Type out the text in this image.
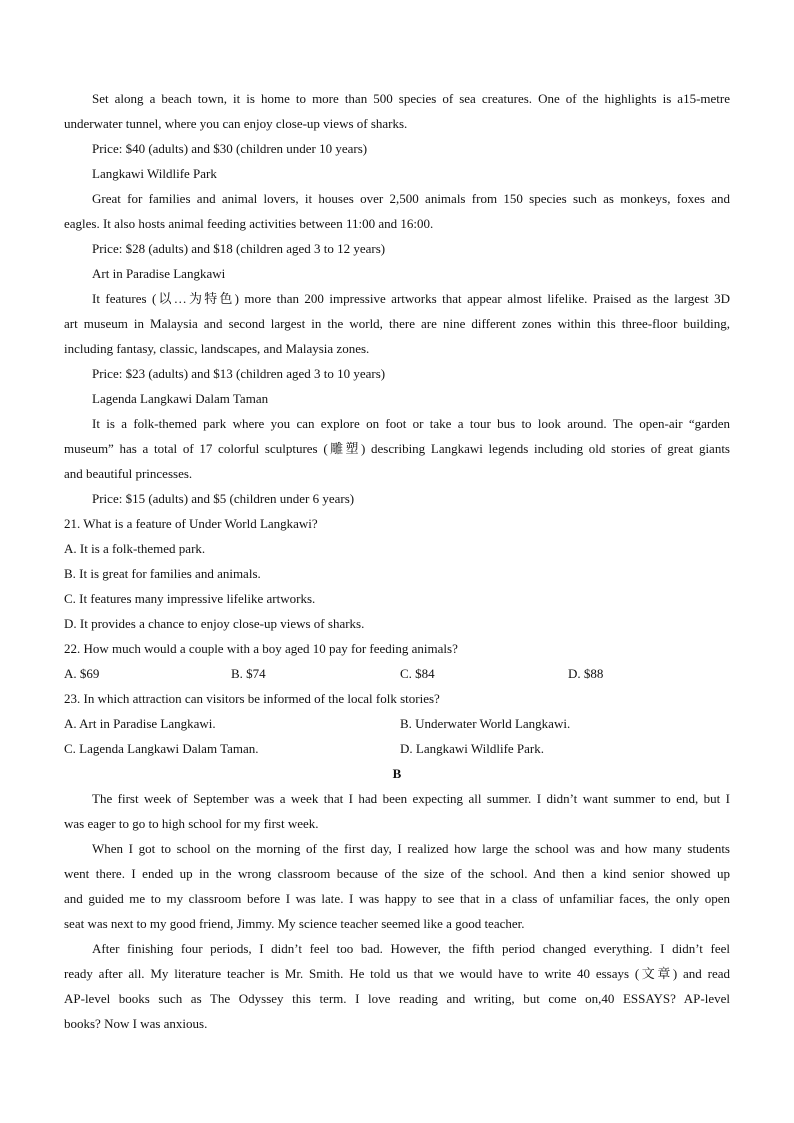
Set along a beach town, it is home to more than 500 species of sea creatures. One of the highlights is a15-metre
underwater tunnel, where you can enjoy close-up views of sharks.
Price: $40 (adults) and $30 (children under 10 years)
Langkawi Wildlife Park
Great for families and animal lovers, it houses over 2,500 animals from 150 species such as monkeys, foxes and
eagles. It also hosts animal feeding activities between 11:00 and 16:00.
Price: $28 (adults) and $18 (children aged 3 to 12 years)
Art in Paradise Langkawi
It features (以…为特色) more than 200 impressive artworks that appear almost lifelike. Praised as the largest 3D
art museum in Malaysia and second largest in the world, there are nine different zones within this three-floor building,
including fantasy, classic, landscapes, and Malaysia zones.
Price: $23 (adults) and $13 (children aged 3 to 10 years)
Lagenda Langkawi Dalam Taman
It is a folk-themed park where you can explore on foot or take a tour bus to look around. The open-air “garden
museum” has a total of 17 colorful sculptures (雕塑) describing Langkawi legends including old stories of great giants
and beautiful princesses.
Price: $15 (adults) and $5 (children under 6 years)
21. What is a feature of Under World Langkawi?
A. It is a folk-themed park.
B. It is great for families and animals.
C. It features many impressive lifelike artworks.
D. It provides a chance to enjoy close-up views of sharks.
22. How much would a couple with a boy aged 10 pay for feeding animals?
A. $69	B. $74	C. $84	D. $88
23. In which attraction can visitors be informed of the local folk stories?
A. Art in Paradise Langkawi.	B. Underwater World Langkawi.
C. Lagenda Langkawi Dalam Taman.	D. Langkawi Wildlife Park.
B
The first week of September was a week that I had been expecting all summer. I didn’t want summer to end, but I
was eager to go to high school for my first week.
When I got to school on the morning of the first day, I realized how large the school was and how many students
went there. I ended up in the wrong classroom because of the size of the school. And then a kind senior showed up
and guided me to my classroom before I was late. I was happy to see that in a class of unfamiliar faces, the only open
seat was next to my good friend, Jimmy. My science teacher seemed like a good teacher.
After finishing four periods, I didn’t feel too bad. However, the fifth period changed everything. I didn’t feel
ready after all. My literature teacher is Mr. Smith. He told us that we would have to write 40 essays (文章) and read
AP-level books such as The Odyssey this term. I love reading and writing, but come on,40 ESSAYS? AP-level
books? Now I was anxious.
